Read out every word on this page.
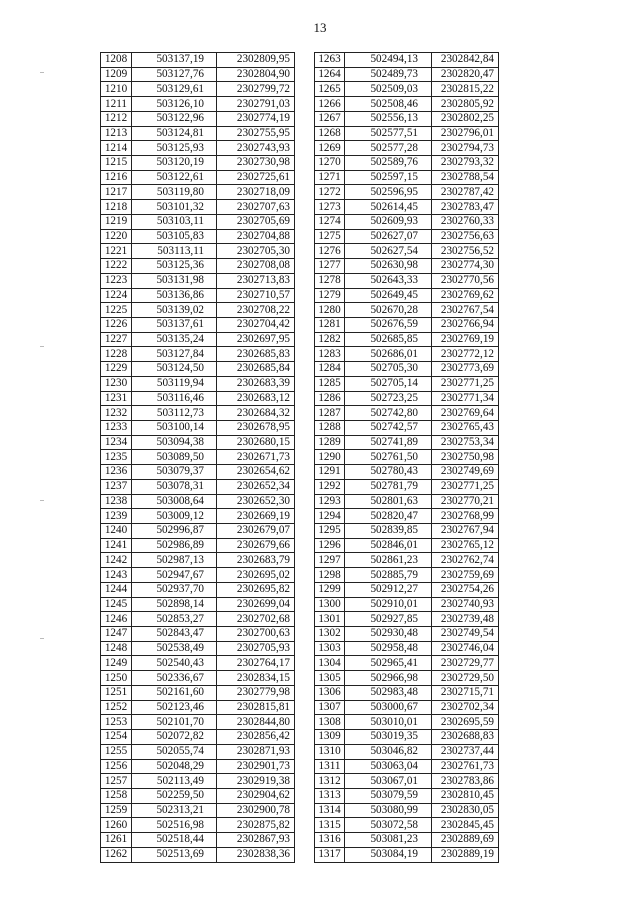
13
1208	503137,19	2302809,95
1209	503127,76	2302804,90
1210	503129,61	2302799,72
1211	503126,10	2302791,03
1212	503122,96	2302774,19
1213	503124,81	2302755,95
1214	503125,93	2302743,93
1215	503120,19	2302730,98
1216	503122,61	2302725,61
1217	503119,80	2302718,09
1218	503101,32	2302707,63
1219	503103,11	2302705,69
1220	503105,83	2302704,88
1221	503113,11	2302705,30
1222	503125,36	2302708,08
1223	503131,98	2302713,83
1224	503136,86	2302710,57
1225	503139,02	2302708,22
1226	503137,61	2302704,42
1227	503135,24	2302697,95
1228	503127,84	2302685,83
1229	503124,50	2302685,84
1230	503119,94	2302683,39
1231	503116,46	2302683,12
1232	503112,73	2302684,32
1233	503100,14	2302678,95
1234	503094,38	2302680,15
1235	503089,50	2302671,73
1236	503079,37	2302654,62
1237	503078,31	2302652,34
1238	503008,64	2302652,30
1239	503009,12	2302669,19
1240	502996,87	2302679,07
1241	502986,89	2302679,66
1242	502987,13	2302683,79
1243	502947,67	2302695,02
1244	502937,70	2302695,82
1245	502898,14	2302699,04
1246	502853,27	2302702,68
1247	502843,47	2302700,63
1248	502538,49	2302705,93
1249	502540,43	2302764,17
1250	502336,67	2302834,15
1251	502161,60	2302779,98
1252	502123,46	2302815,81
1253	502101,70	2302844,80
1254	502072,82	2302856,42
1255	502055,74	2302871,93
1256	502048,29	2302901,73
1257	502113,49	2302919,38
1258	502259,50	2302904,62
1259	502313,21	2302900,78
1260	502516,98	2302875,82
1261	502518,44	2302867,93
1262	502513,69	2302838,36
1263	502494,13	2302842,84
1264	502489,73	2302820,47
1265	502509,03	2302815,22
1266	502508,46	2302805,92
1267	502556,13	2302802,25
1268	502577,51	2302796,01
1269	502577,28	2302794,73
1270	502589,76	2302793,32
1271	502597,15	2302788,54
1272	502596,95	2302787,42
1273	502614,45	2302783,47
1274	502609,93	2302760,33
1275	502627,07	2302756,63
1276	502627,54	2302756,52
1277	502630,98	2302774,30
1278	502643,33	2302770,56
1279	502649,45	2302769,62
1280	502670,28	2302767,54
1281	502676,59	2302766,94
1282	502685,85	2302769,19
1283	502686,01	2302772,12
1284	502705,30	2302773,69
1285	502705,14	2302771,25
1286	502723,25	2302771,34
1287	502742,80	2302769,64
1288	502742,57	2302765,43
1289	502741,89	2302753,34
1290	502761,50	2302750,98
1291	502780,43	2302749,69
1292	502781,79	2302771,25
1293	502801,63	2302770,21
1294	502820,47	2302768,99
1295	502839,85	2302767,94
1296	502846,01	2302765,12
1297	502861,23	2302762,74
1298	502885,79	2302759,69
1299	502912,27	2302754,26
1300	502910,01	2302740,93
1301	502927,85	2302739,48
1302	502930,48	2302749,54
1303	502958,48	2302746,04
1304	502965,41	2302729,77
1305	502966,98	2302729,50
1306	502983,48	2302715,71
1307	503000,67	2302702,34
1308	503010,01	2302695,59
1309	503019,35	2302688,83
1310	503046,82	2302737,44
1311	503063,04	2302761,73
1312	503067,01	2302783,86
1313	503079,59	2302810,45
1314	503080,99	2302830,05
1315	503072,58	2302845,45
1316	503081,23	2302889,69
1317	503084,19	2302889,19
